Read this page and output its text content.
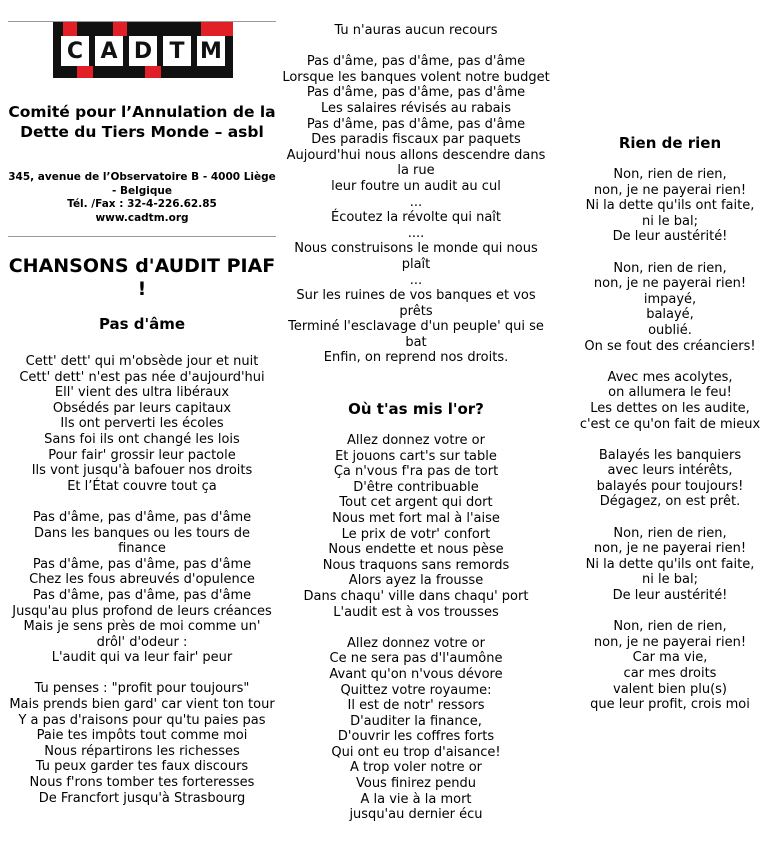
C A D T M
Comité pour l’Annulation de la Dette du Tiers Monde – asbl
345, avenue de l’Observatoire B - 4000 Liège - Belgique
Tél. /Fax : 32-4-226.62.85
www.cadtm.org
CHANSONS d'AUDIT PIAF !
Pas d'âme
Cett' dett' qui m'obsède jour et nuit
Cett' dett' n'est pas née d'aujourd'hui
Ell' vient des ultra libéraux
Obsédés par leurs capitaux
Ils ont perverti les écoles
Sans foi ils ont changé les lois
Pour fair' grossir leur pactole
Ils vont jusqu'à bafouer nos droits
Et l’État couvre tout ça
Pas d'âme, pas d'âme, pas d'âme
Dans les banques ou les tours de finance
Pas d'âme, pas d'âme, pas d'âme
Chez les fous abreuvés d'opulence
Pas d'âme, pas d'âme, pas d'âme
Jusqu'au plus profond de leurs créances
Mais je sens près de moi comme un' drôl' d'odeur :
L'audit qui va leur fair' peur
Tu penses : "profit pour toujours"
Mais prends bien gard' car vient ton tour
Y a pas d'raisons pour qu'tu paies pas
Paie tes impôts tout comme moi
Nous répartirons les richesses
Tu peux garder tes faux discours
Nous f'rons tomber tes forteresses
De Francfort jusqu'à Strasbourg
Tu n'auras aucun recours
Pas d'âme, pas d'âme, pas d'âme
Lorsque les banques volent notre budget
Pas d'âme, pas d'âme, pas d'âme
Les salaires révisés au rabais
Pas d'âme, pas d'âme, pas d'âme
Des paradis fiscaux par paquets
Aujourd'hui nous allons descendre dans la rue
leur foutre un audit au cul
...
Écoutez la révolte qui naît
....
Nous construisons le monde qui nous plaît
...
Sur les ruines de vos banques et vos prêts
Terminé l'esclavage d'un peuple' qui se bat
Enfin, on reprend nos droits.
Où t'as mis l'or?
Allez donnez votre or
Et jouons cart's sur table
Ça n'vous f'ra pas de tort
D'être contribuable
Tout cet argent qui dort
Nous met fort mal à l'aise
Le prix de votr' confort
Nous endette et nous pèse
Nous traquons sans remords
Alors ayez la frousse
Dans chaqu' ville dans chaqu' port
L'audit est à vos trousses
Allez donnez votre or
Ce ne sera pas d'l'aumône
Avant qu'on n'vous dévore
Quittez votre royaume:
Il est de notr' ressors
D'auditer la finance,
D'ouvrir les coffres forts
Qui ont eu trop d'aisance!
A trop voler notre or
Vous finirez pendu
A la vie à la mort
jusqu'au dernier écu
Rien de rien
Non, rien de rien,
non, je ne payerai rien!
Ni la dette qu'ils ont faite,
ni le bal;
De leur austérité!
Non, rien de rien,
non, je ne payerai rien!
impayé,
balayé,
oublié.
On se fout des créanciers!
Avec mes acolytes,
on allumera le feu!
Les dettes on les audite,
c'est ce qu'on fait de mieux
Balayés les banquiers
avec leurs intérêts,
balayés pour toujours!
Dégagez, on est prêt.
Non, rien de rien,
non, je ne payerai rien!
Ni la dette qu'ils ont faite,
ni le bal;
De leur austérité!
Non, rien de rien,
non, je ne payerai rien!
Car ma vie,
car mes droits
valent bien plu(s)
que leur profit, crois moi
